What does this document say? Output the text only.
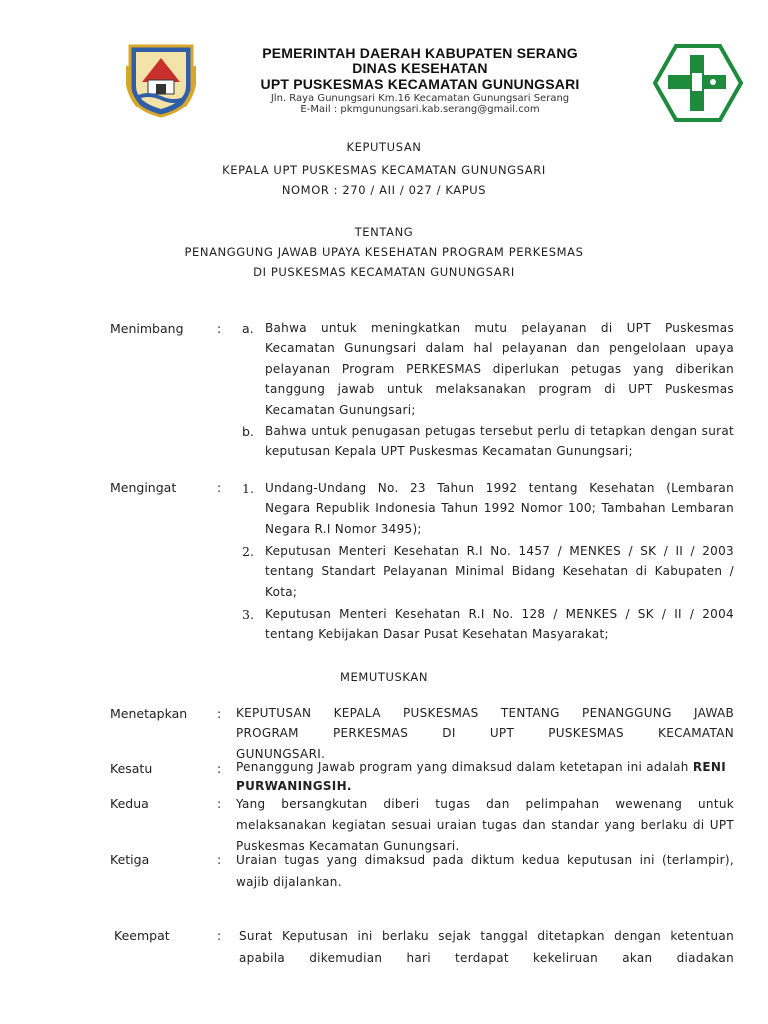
PEMERINTAH DAERAH KABUPATEN SERANG
DINAS KESEHATAN
UPT PUSKESMAS KECAMATAN GUNUNGSARI
Jln. Raya Gunungsari Km.16 Kecamatan Gunungsari Serang
E-Mail : pkmgunungsari.kab.serang@gmail.com
KEPUTUSAN
KEPALA UPT PUSKESMAS KECAMATAN GUNUNGSARI
NOMOR : 270 / AII / 027 / KAPUS
TENTANG
PENANGGUNG JAWAB UPAYA KESEHATAN PROGRAM PERKESMAS
DI PUSKESMAS KECAMATAN GUNUNGSARI
Menimbang	: a. Bahwa untuk meningkatkan mutu pelayanan di UPT Puskesmas
Kecamatan Gunungsari dalam hal pelayanan dan pengelolaan upaya
pelayanan Program PERKESMAS diperlukan petugas yang diberikan
tanggung jawab untuk melaksanakan program di UPT Puskesmas
Kecamatan Gunungsari;
b. Bahwa untuk penugasan petugas tersebut perlu di tetapkan dengan surat
keputusan Kepala UPT Puskesmas Kecamatan Gunungsari;
Mengingat	: 1. Undang-Undang No. 23 Tahun 1992 tentang Kesehatan (Lembaran
Negara Republik Indonesia Tahun 1992 Nomor 100; Tambahan Lembaran
Negara R.I Nomor 3495);
2. Keputusan Menteri Kesehatan R.I No. 1457 / MENKES / SK / II / 2003
tentang Standart Pelayanan Minimal Bidang Kesehatan di Kabupaten /
Kota;
3. Keputusan Menteri Kesehatan R.I No. 128 / MENKES / SK / II / 2004
tentang Kebijakan Dasar Pusat Kesehatan Masyarakat;
MEMUTUSKAN
Menetapkan : KEPUTUSAN KEPALA PUSKESMAS TENTANG PENANGGUNG JAWAB
PROGRAM PERKESMAS DI UPT PUSKESMAS KECAMATAN
GUNUNGSARI.
Kesatu	: Penanggung Jawab program yang dimaksud dalam ketetapan ini adalah RENI
PURWANINGSIH.
Kedua	: Yang bersangkutan diberi tugas dan pelimpahan wewenang untuk
melaksanakan kegiatan sesuai uraian tugas dan standar yang berlaku di UPT
Puskesmas Kecamatan Gunungsari.
Ketiga	: Uraian tugas yang dimaksud pada diktum kedua keputusan ini (terlampir),
wajib dijalankan.
Keempat	: Surat Keputusan ini berlaku sejak tanggal ditetapkan dengan ketentuan
apabila dikemudian hari terdapat kekeliruan akan diadakan
